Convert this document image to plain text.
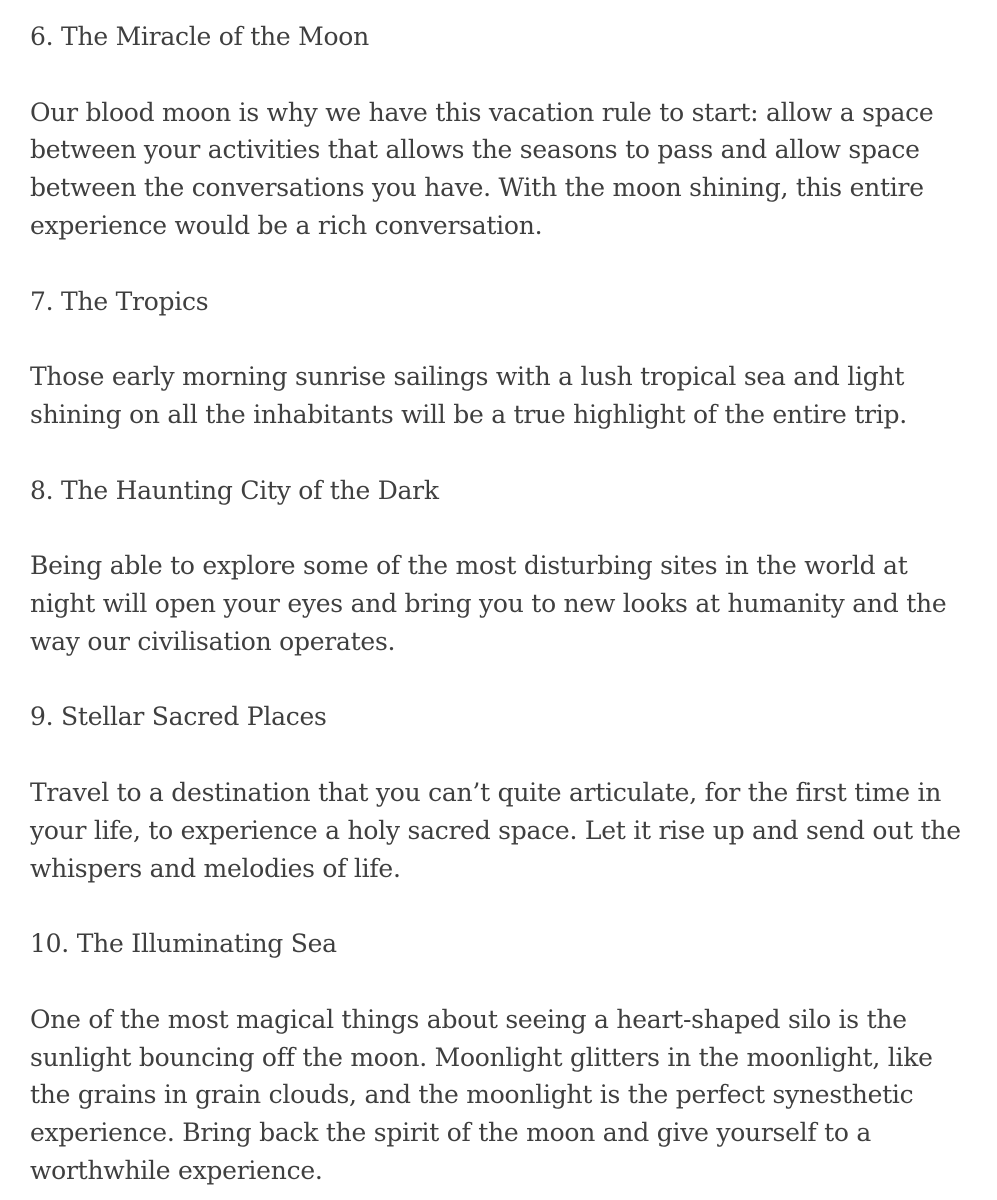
6. The Miracle of the Moon

Our blood moon is why we have this vacation rule to start: allow a space between your activities that allows the seasons to pass and allow space between the conversations you have. With the moon shining, this entire experience would be a rich conversation.

7. The Tropics

Those early morning sunrise sailings with a lush tropical sea and light shining on all the inhabitants will be a true highlight of the entire trip.

8. The Haunting City of the Dark

Being able to explore some of the most disturbing sites in the world at night will open your eyes and bring you to new looks at humanity and the way our civilisation operates.

9. Stellar Sacred Places

Travel to a destination that you can’t quite articulate, for the first time in your life, to experience a holy sacred space. Let it rise up and send out the whispers and melodies of life.

10. The Illuminating Sea

One of the most magical things about seeing a heart-shaped silo is the sunlight bouncing off the moon. Moonlight glitters in the moonlight, like the grains in grain clouds, and the moonlight is the perfect synesthetic experience. Bring back the spirit of the moon and give yourself to a worthwhile experience.
